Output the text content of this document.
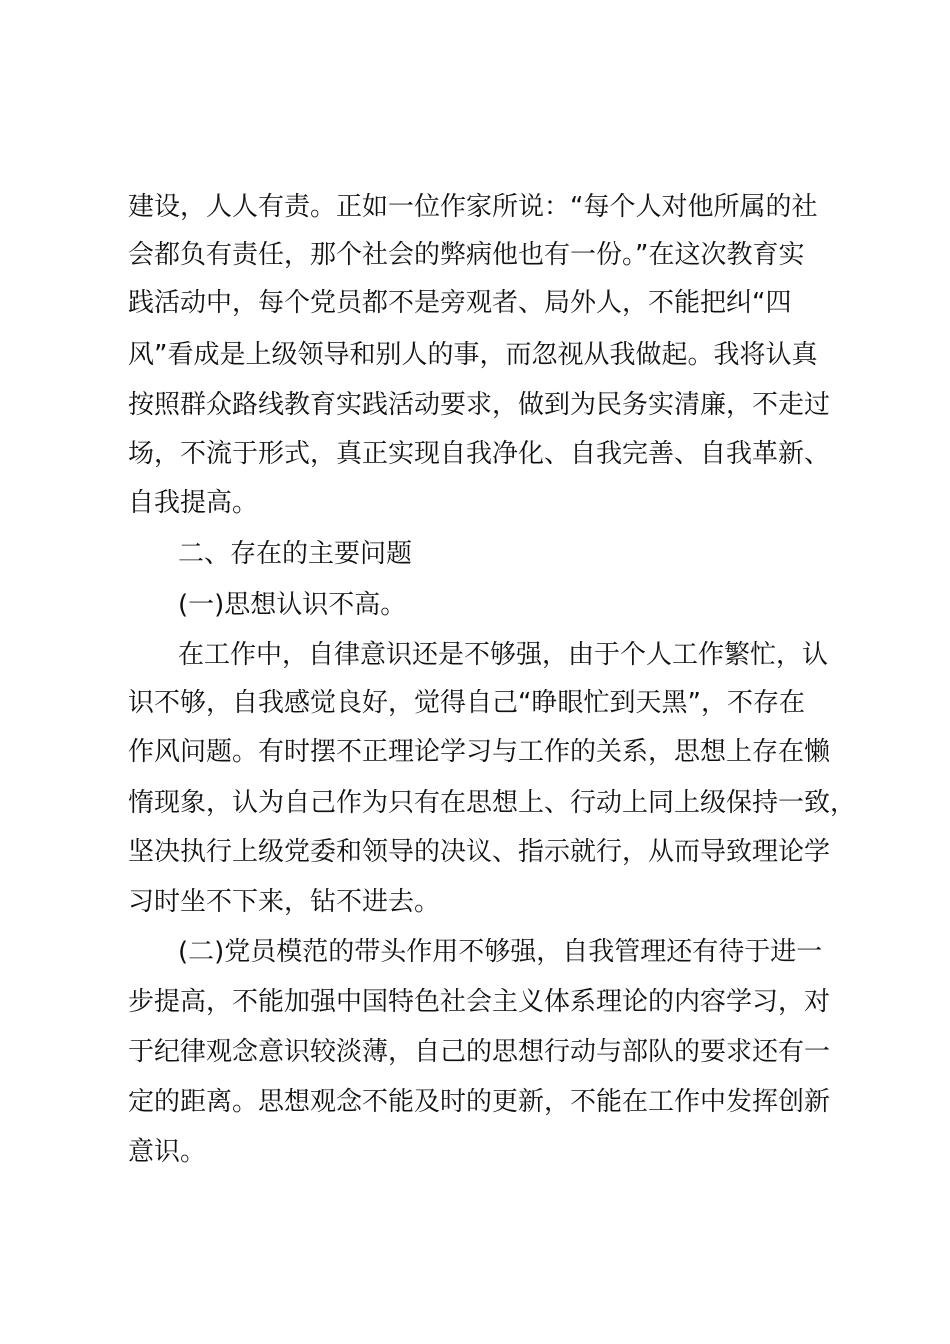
建设，人人有责。正如一位作家所说：“每个人对他所属的社
会都负有责任，那个社会的弊病他也有一份。”在这次教育实
践活动中，每个党员都不是旁观者、局外人，不能把纠“四
风”看成是上级领导和别人的事，而忽视从我做起。我将认真
按照群众路线教育实践活动要求，做到为民务实清廉，不走过
场，不流于形式，真正实现自我净化、自我完善、自我革新、
自我提高。
二、存在的主要问题
(一)思想认识不高。
在工作中，自律意识还是不够强，由于个人工作繁忙，认
识不够，自我感觉良好，觉得自己“睁眼忙到天黑”，不存在
作风问题。有时摆不正理论学习与工作的关系，思想上存在懒
惰现象，认为自己作为只有在思想上、行动上同上级保持一致，
坚决执行上级党委和领导的决议、指示就行，从而导致理论学
习时坐不下来，钻不进去。
(二)党员模范的带头作用不够强，自我管理还有待于进一
步提高，不能加强中国特色社会主义体系理论的内容学习，对
于纪律观念意识较淡薄，自己的思想行动与部队的要求还有一
定的距离。思想观念不能及时的更新，不能在工作中发挥创新
意识。
